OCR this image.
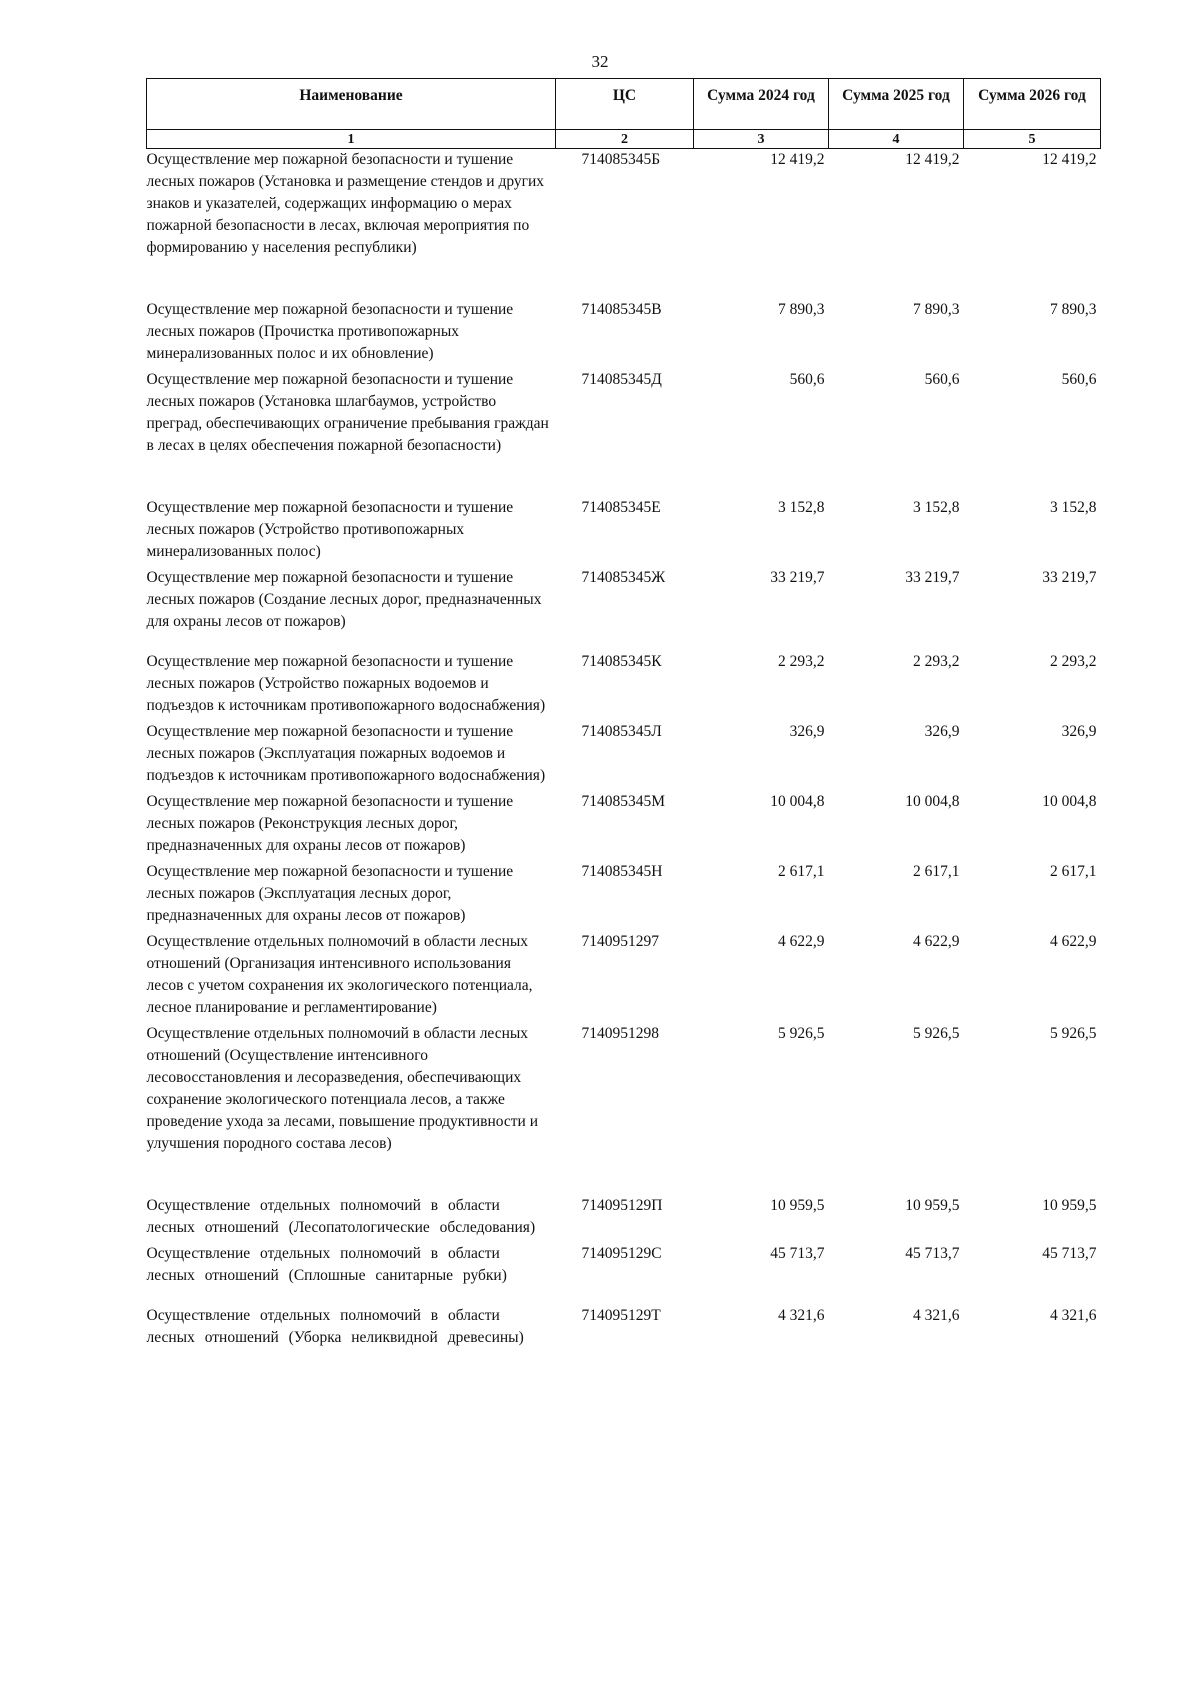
32
Наименование	ЦС	Сумма 2024 год	Сумма 2025 год	Сумма 2026 год
1	2	3	4	5
Осуществление мер пожарной безопасности и тушение лесных пожаров (Установка и размещение стендов и других знаков и указателей, содержащих информацию о мерах пожарной безопасности в лесах, включая мероприятия по формированию у населения республики)	714085345Б	12 419,2	12 419,2	12 419,2
Осуществление мер пожарной безопасности и тушение лесных пожаров (Прочистка противопожарных минерализованных полос и их обновление)	714085345В	7 890,3	7 890,3	7 890,3
Осуществление мер пожарной безопасности и тушение лесных пожаров (Установка шлагбаумов, устройство преград, обеспечивающих ограничение пребывания граждан в лесах в целях обеспечения пожарной безопасности)	714085345Д	560,6	560,6	560,6
Осуществление мер пожарной безопасности и тушение лесных пожаров (Устройство противопожарных минерализованных полос)	714085345Е	3 152,8	3 152,8	3 152,8
Осуществление мер пожарной безопасности и тушение лесных пожаров (Создание лесных дорог, предназначенных для охраны лесов от пожаров)	714085345Ж	33 219,7	33 219,7	33 219,7
Осуществление мер пожарной безопасности и тушение лесных пожаров (Устройство пожарных водоемов и подъездов к источникам противопожарного водоснабжения)	714085345К	2 293,2	2 293,2	2 293,2
Осуществление мер пожарной безопасности и тушение лесных пожаров (Эксплуатация пожарных водоемов и подъездов к источникам противопожарного водоснабжения)	714085345Л	326,9	326,9	326,9
Осуществление мер пожарной безопасности и тушение лесных пожаров (Реконструкция лесных дорог, предназначенных для охраны лесов от пожаров)	714085345М	10 004,8	10 004,8	10 004,8
Осуществление мер пожарной безопасности и тушение лесных пожаров (Эксплуатация лесных дорог, предназначенных для охраны лесов от пожаров)	714085345Н	2 617,1	2 617,1	2 617,1
Осуществление отдельных полномочий в области лесных отношений (Организация интенсивного использования лесов с учетом сохранения их экологического потенциала, лесное планирование и регламентирование)	7140951297	4 622,9	4 622,9	4 622,9
Осуществление отдельных полномочий в области лесных отношений (Осуществление интенсивного лесовосстановления и лесоразведения, обеспечивающих сохранение экологического потенциала лесов, а также проведение ухода за лесами, повышение продуктивности и улучшения породного состава лесов)	7140951298	5 926,5	5 926,5	5 926,5
Осуществление отдельных полномочий в области лесных отношений (Лесопатологические обследования)	714095129П	10 959,5	10 959,5	10 959,5
Осуществление отдельных полномочий в области лесных отношений (Сплошные санитарные рубки)	714095129С	45 713,7	45 713,7	45 713,7
Осуществление отдельных полномочий в области лесных отношений (Уборка неликвидной древесины)	714095129Т	4 321,6	4 321,6	4 321,6
